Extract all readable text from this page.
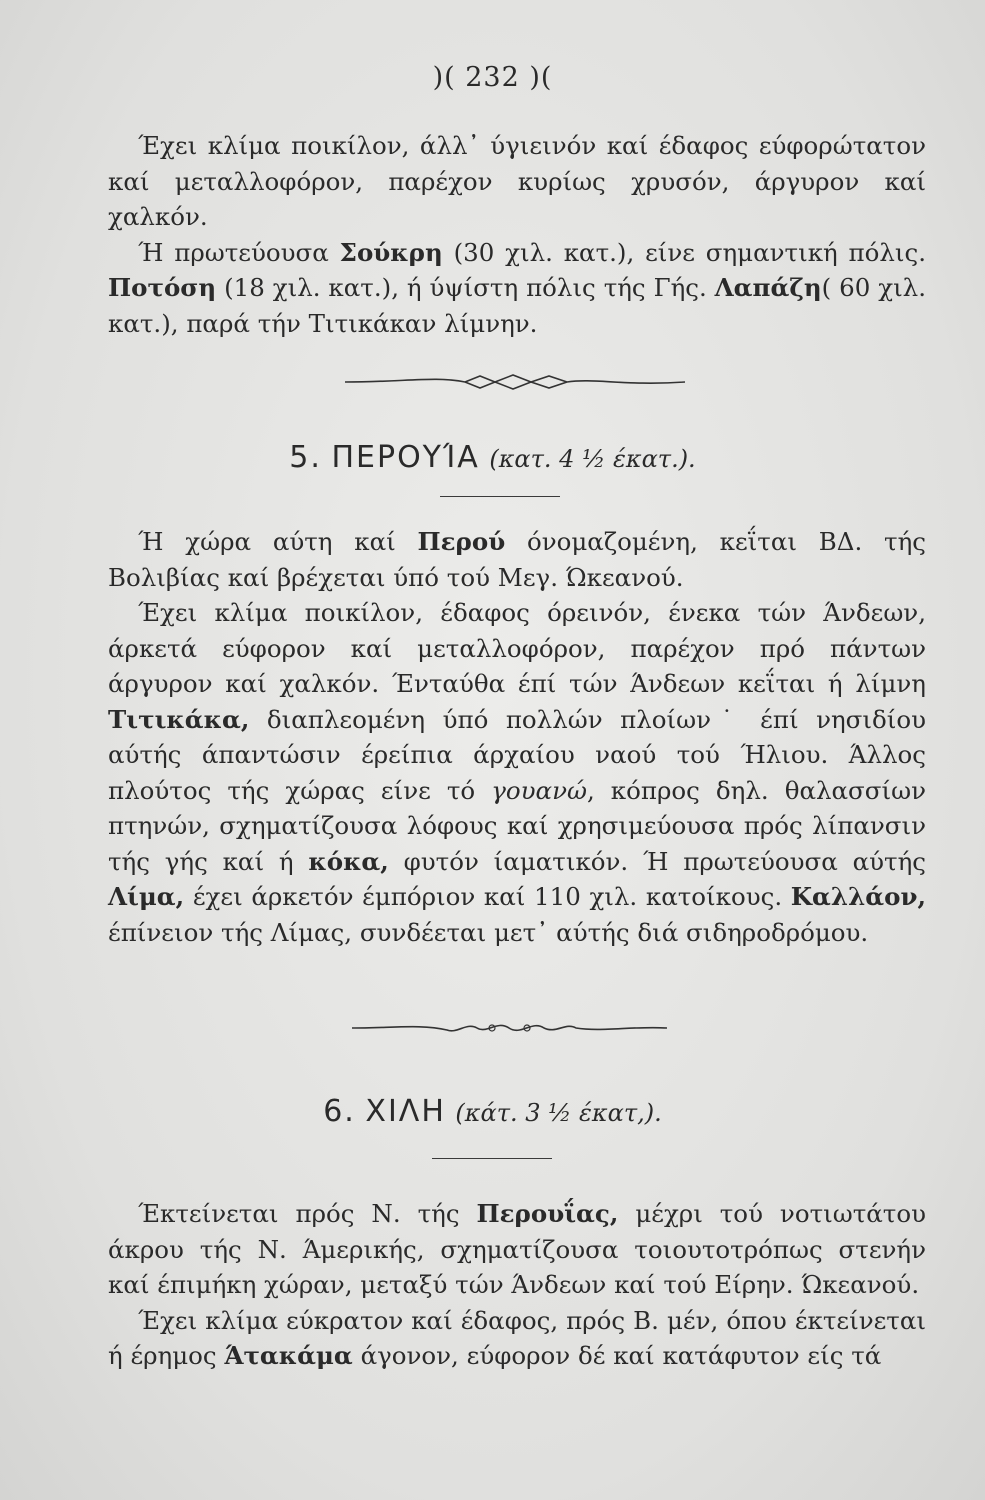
)( 232 )(

Έχει κλίμα ποικίλον, άλλ᾽ ύγιεινόν καί έδαφος εύφορώτατον καί μεταλλοφόρον, παρέχον κυρίως χρυσόν, άργυρον καί χαλκόν.

Ή πρωτεύουσα Σούκρη (30 χιλ. κατ.), είνε σημαντική πόλις. Ποτόση (18 χιλ. κατ.), ή ύψίστη πόλις τής Γής. Λαπάζη( 60 χιλ. κατ.), παρά τήν Τιτικάκαν λίμνην.

5. ΠΕΡΟΥΊΑ (κατ. 4 ½ έκατ.).

Ή χώρα αύτη καί Περού όνομαζομένη, κεΐται ΒΔ. τής Βολιβίας καί βρέχεται ύπό τού Μεγ. Ώκεανού.

Έχει κλίμα ποικίλον, έδαφος όρεινόν, ένεκα τών Άνδεων, άρκετά εύφορον καί μεταλλοφόρον, παρέχον πρό πάντων άργυρον καί χαλκόν. Ένταύθα έπί τών Άνδεων κεΐται ή λίμνη Τιτικάκα, διαπλεομένη ύπό πολλών πλοίων˙ έπί νησιδίου αύτής άπαντώσιν έρείπια άρχαίου ναού τού Ήλιου. Άλλος πλούτος τής χώρας είνε τό γουανώ, κόπρος δηλ. θαλασσίων πτηνών, σχηματίζουσα λόφους καί χρησιμεύουσα πρός λίπανσιν τής γής καί ή κόκα, φυτόν ίαματικόν. Ή πρωτεύουσα αύτής Λίμα, έχει άρκετόν έμπόριον καί 110 χιλ. κατοίκους. Καλλάον, έπίνειον τής Λίμας, συνδέεται μετ᾽ αύτής διά σιδηροδρόμου.

6. ΧΙΛΗ (κάτ. 3 ½ έκατ,).

Έκτείνεται πρός Ν. τής Περουΐας, μέχρι τού νοτιωτάτου άκρου τής Ν. Άμερικής, σχηματίζουσα τοιουτοτρόπως στενήν καί έπιμήκη χώραν, μεταξύ τών Άνδεων καί τού Είρην. Ώκεανού.

Έχει κλίμα εύκρατον καί έδαφος, πρός Β. μέν, όπου έκτείνεται ή έρημος Άτακάμα άγονον, εύφορον δέ καί κατάφυτον είς τά
